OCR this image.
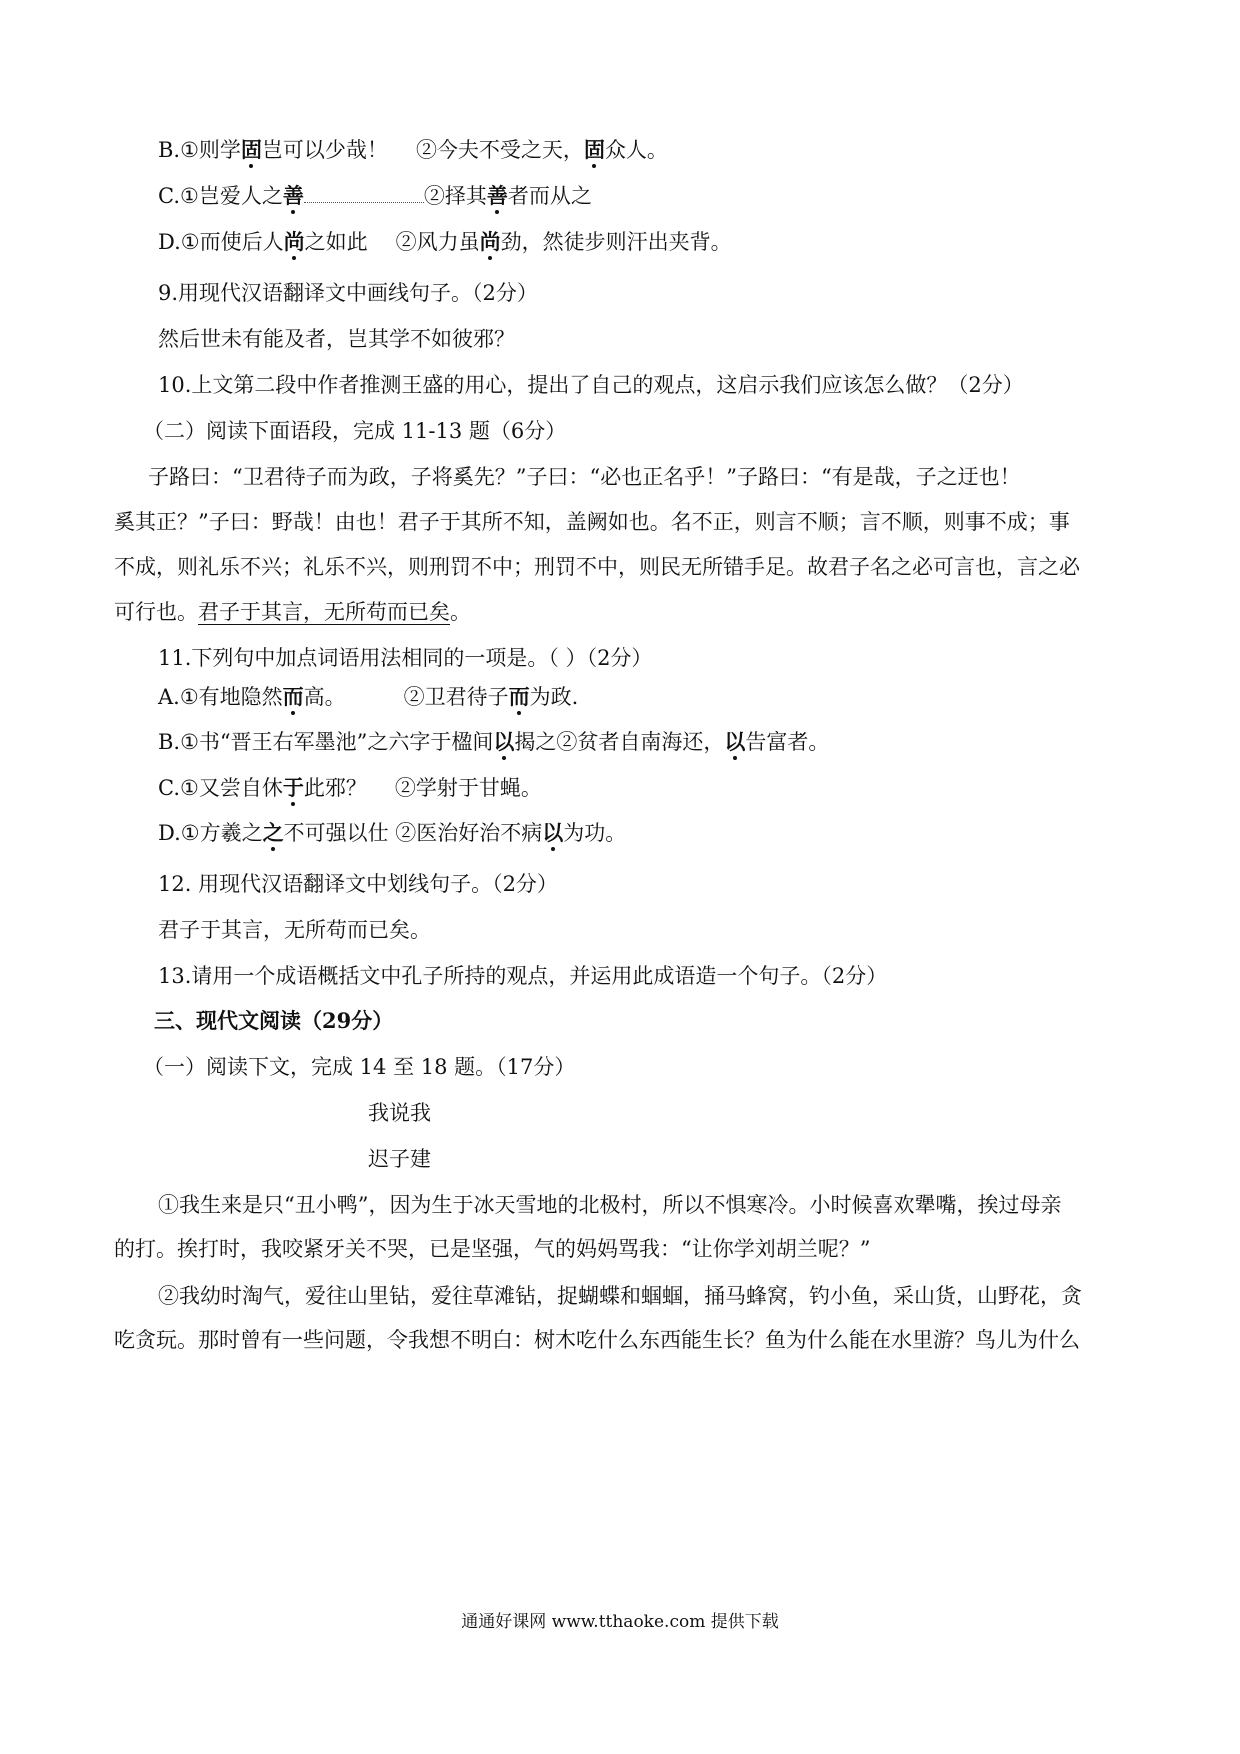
B.①则学固岂可以少哉！ ②今夫不受之天，固众人。
C.①岂爱人之善	②择其善者而从之
D.①而使后人尚之如此 ②风力虽尚劲，然徒步则汗出夹背。
9.用现代汉语翻译文中画线句子。（2分）
然后世未有能及者，岂其学不如彼邪？
10.上文第二段中作者推测王盛的用心，提出了自己的观点，这启示我们应该怎么做？（2分）
（二）阅读下面语段，完成 11-13 题（6分）
子路曰：“卫君待子而为政，子将奚先？”子曰：“必也正名乎！”子路曰：“有是哉，子之迂也！
奚其正？”子曰：野哉！由也！君子于其所不知，盖阙如也。名不正，则言不顺；言不顺，则事不成；事
不成，则礼乐不兴；礼乐不兴，则刑罚不中；刑罚不中，则民无所错手足。故君子名之必可言也，言之必
可行也。君子于其言，无所苟而已矣。
11.下列句中加点词语用法相同的一项是。（ ）（2分）
A.①有地隐然而高。	②卫君待子而为政.
B.①书“晋王右军墨池”之六字于楹间以揭之②贫者自南海还，以告富者。
C.①又尝自休于此邪？ ②学射于甘蝇。
D.①方羲之之不可强以仕 ②医治好治不病以为功。
12. 用现代汉语翻译文中划线句子。（2分）
君子于其言，无所苟而已矣。
13.请用一个成语概括文中孔子所持的观点，并运用此成语造一个句子。（2分）
三、现代文阅读（29分）
（一）阅读下文，完成 14 至 18 题。（17分）
我说我
迟子建
①我生来是只“丑小鸭”，因为生于冰天雪地的北极村，所以不惧寒冷。小时候喜欢犟嘴，挨过母亲
的打。挨打时，我咬紧牙关不哭，已是坚强，气的妈妈骂我：“让你学刘胡兰呢？”
②我幼时淘气，爱往山里钻，爱往草滩钻，捉蝴蝶和蝈蝈，捅马蜂窝，钓小鱼，采山货，山野花，贪
吃贪玩。那时曾有一些问题，令我想不明白：树木吃什么东西能生长？鱼为什么能在水里游？鸟儿为什么
通通好课网 www.tthaoke.com 提供下载
